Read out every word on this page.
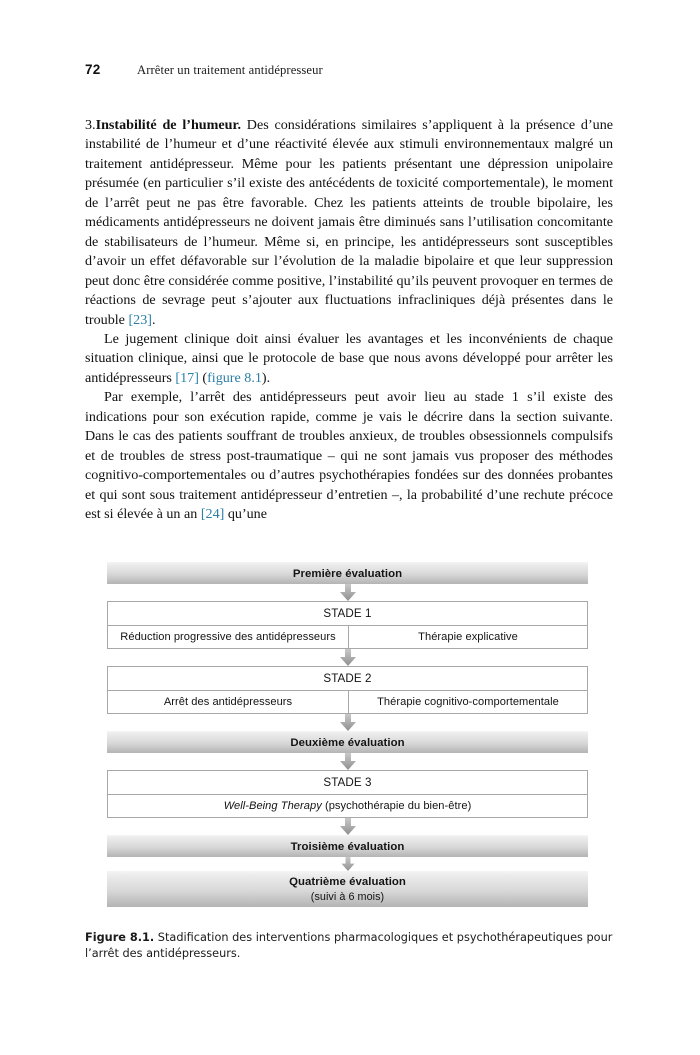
72	Arrêter un traitement antidépresseur

3.Instabilité de l’humeur. Des considérations similaires s’appliquent à la présence d’une instabilité de l’humeur et d’une réactivité élevée aux stimuli environnementaux malgré un traitement antidépresseur. Même pour les patients présentant une dépression unipolaire présumée (en particulier s’il existe des antécédents de toxicité comportementale), le moment de l’arrêt peut ne pas être favorable. Chez les patients atteints de trouble bipolaire, les médicaments antidépresseurs ne doivent jamais être diminués sans l’utilisation concomitante de stabilisateurs de l’humeur. Même si, en principe, les antidépresseurs sont susceptibles d’avoir un effet défavorable sur l’évolution de la maladie bipolaire et que leur suppression peut donc être considérée comme positive, l’instabilité qu’ils peuvent provoquer en termes de réactions de sevrage peut s’ajouter aux fluctuations infracliniques déjà présentes dans le trouble [23].

Le jugement clinique doit ainsi évaluer les avantages et les inconvénients de chaque situation clinique, ainsi que le protocole de base que nous avons développé pour arrêter les antidépresseurs [17] (figure 8.1).

Par exemple, l’arrêt des antidépresseurs peut avoir lieu au stade 1 s’il existe des indications pour son exécution rapide, comme je vais le décrire dans la section suivante. Dans le cas des patients souffrant de troubles anxieux, de troubles obsessionnels compulsifs et de troubles de stress post-traumatique – qui ne sont jamais vus proposer des méthodes cognitivo-comportementales ou d’autres psychothérapies fondées sur des données probantes et qui sont sous traitement antidépresseur d’entretien –, la probabilité d’une rechute précoce est si élevée à un an [24] qu’une

Première évaluation
STADE 1
Réduction progressive des antidépresseurs	Thérapie explicative
STADE 2
Arrêt des antidépresseurs	Thérapie cognitivo-comportementale
Deuxième évaluation
STADE 3
Well-Being Therapy (psychothérapie du bien-être)
Troisième évaluation
Quatrième évaluation
(suivi à 6 mois)
Figure 8.1. Stadification des interventions pharmacologiques et psychothérapeutiques pour l’arrêt des antidépresseurs.
